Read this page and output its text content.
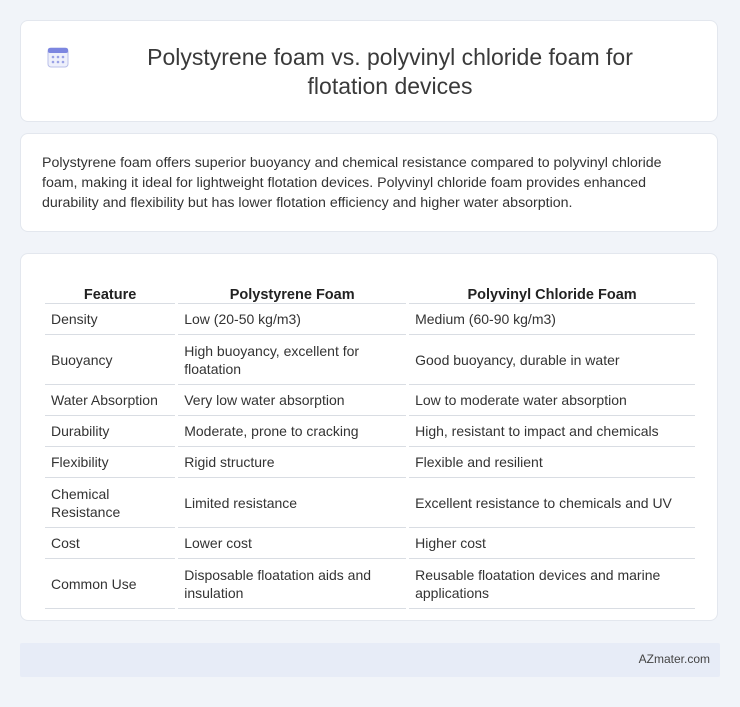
Polystyrene foam vs. polyvinyl chloride foam for flotation devices
Polystyrene foam offers superior buoyancy and chemical resistance compared to polyvinyl chloride foam, making it ideal for lightweight flotation devices. Polyvinyl chloride foam provides enhanced durability and flexibility but has lower flotation efficiency and higher water absorption.
Feature	Polystyrene Foam	Polyvinyl Chloride Foam
Density	Low (20-50 kg/m3)	Medium (60-90 kg/m3)
Buoyancy	High buoyancy, excellent for floatation	Good buoyancy, durable in water
Water Absorption	Very low water absorption	Low to moderate water absorption
Durability	Moderate, prone to cracking	High, resistant to impact and chemicals
Flexibility	Rigid structure	Flexible and resilient
Chemical Resistance	Limited resistance	Excellent resistance to chemicals and UV
Cost	Lower cost	Higher cost
Common Use	Disposable floatation aids and insulation	Reusable floatation devices and marine applications
AZmater.com
